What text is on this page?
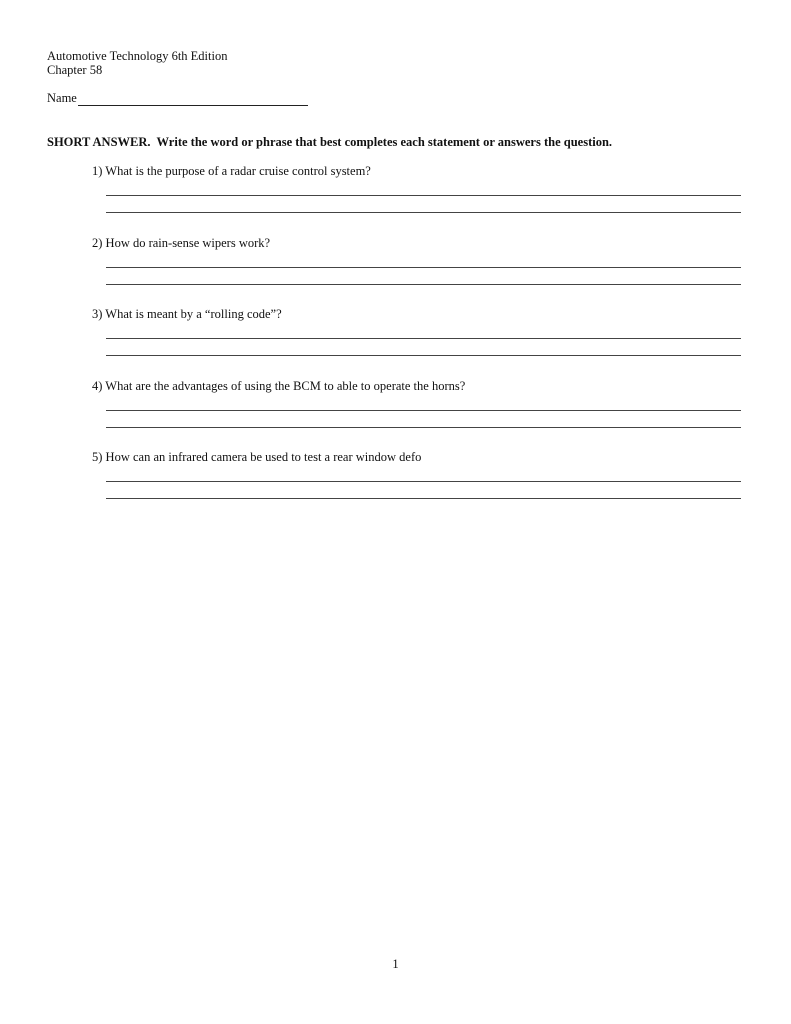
Automotive Technology 6th Edition
Chapter 58
Name
SHORT ANSWER. Write the word or phrase that best completes each statement or answers the question.
1) What is the purpose of a radar cruise control system?
2) How do rain-sense wipers work?
3) What is meant by a “rolling code”?
4) What are the advantages of using the BCM to able to operate the horns?
5) How can an infrared camera be used to test a rear window defo
1
